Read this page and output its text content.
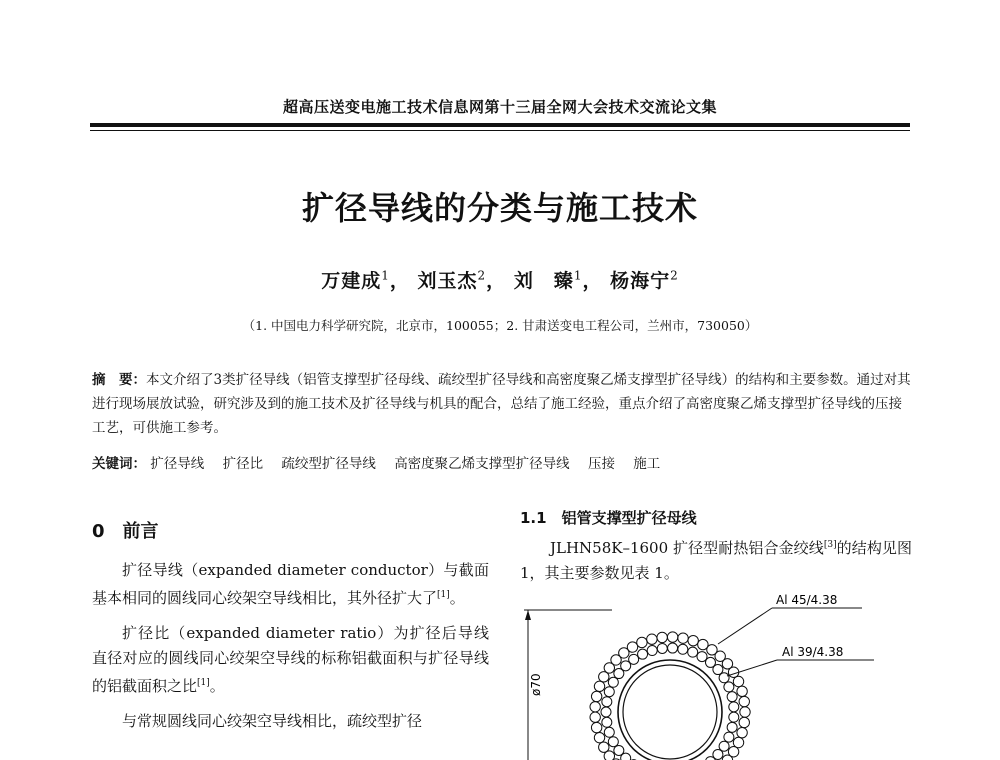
超高压送变电施工技术信息网第十三届全网大会技术交流论文集
扩径导线的分类与施工技术
万建成$^1$， 刘玉杰$^2$， 刘　臻$^1$， 杨海宁$^2$
（1. 中国电力科学研究院，北京市，100055；2. 甘肃送变电工程公司，兰州市，730050）
摘　要：本文介绍了3类扩径导线（铝管支撑型扩径母线、疏绞型扩径导线和高密度聚乙烯支撑型扩径导线）的结构和主要参数。通过对其进行现场展放试验，研究涉及到的施工技术及扩径导线与机具的配合，总结了施工经验，重点介绍了高密度聚乙烯支撑型扩径导线的压接工艺，可供施工参考。
关键词： 扩径导线 扩径比 疏绞型扩径导线 高密度聚乙烯支撑型扩径导线 压接 施工
0　前言

扩径导线（expanded diameter conductor）与截面基本相同的圆线同心绞架空导线相比，其外径扩大了[1]。

扩径比（expanded diameter ratio）为扩径后导线直径对应的圆线同心绞架空导线的标称铝截面积与扩径导线的铝截面积之比[1]。

与常规圆线同心绞架空导线相比，疏绞型扩径

1.1　铝管支撑型扩径母线

JLHN58K–1600 扩径型耐热铝合金绞线[3]的结构见图 1，其主要参数见表 1。

ø70
Al 45/4.38
Al 39/4.38
